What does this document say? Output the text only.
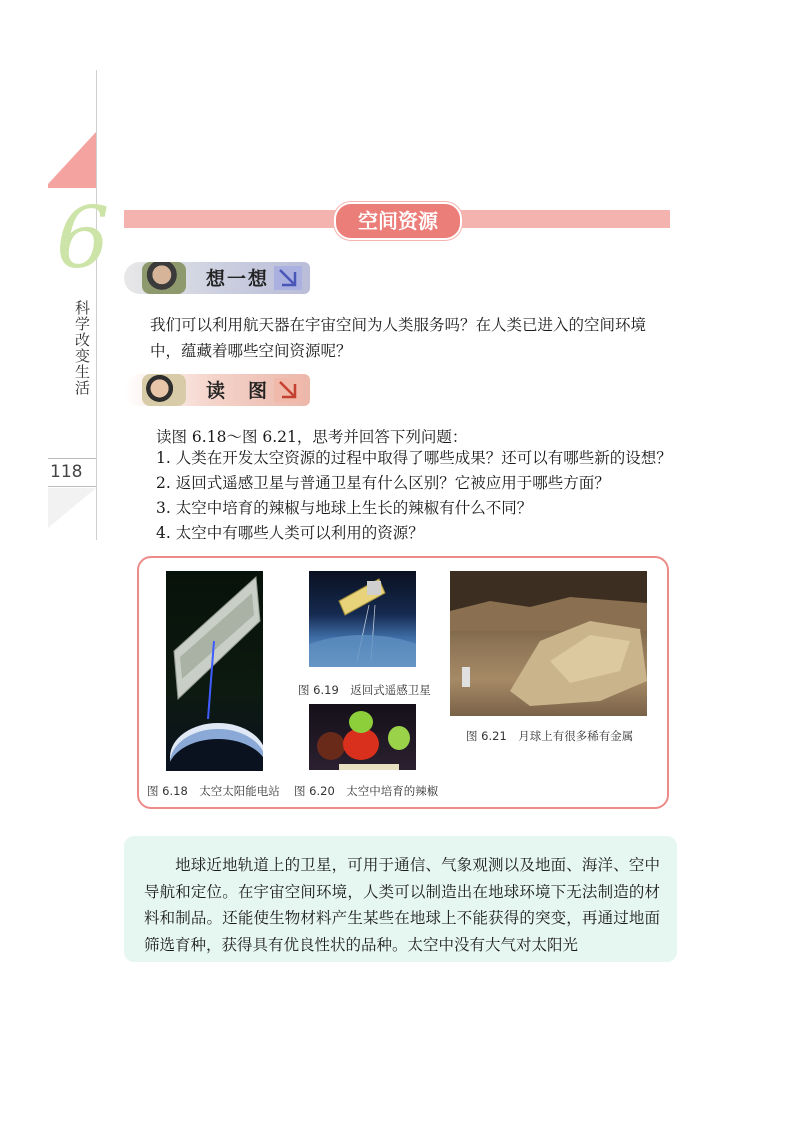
6
科学改变生活
118
空间资源
想一想
我们可以利用航天器在宇宙空间为人类服务吗？在人类已进入的空间环境
中，蕴藏着哪些空间资源呢？
读　图
读图 6.18～图 6.21，思考并回答下列问题：
1. 人类在开发太空资源的过程中取得了哪些成果？还可以有哪些新的设想？
2. 返回式遥感卫星与普通卫星有什么区别？它被应用于哪些方面？
3. 太空中培育的辣椒与地球上生长的辣椒有什么不同？
4. 太空中有哪些人类可以利用的资源？
图 6.19　返回式遥感卫星
图 6.21　月球上有很多稀有金属
图 6.18　太空太阳能电站 图 6.20　太空中培育的辣椒
地球近地轨道上的卫星，可用于通信、气象观测以及地面、海洋、空中导航和定位。在宇宙空间环境，人类可以制造出在地球环境下无法制造的材料和制品。还能使生物材料产生某些在地球上不能获得的突变，再通过地面筛选育种，获得具有优良性状的品种。太空中没有大气对太阳光
